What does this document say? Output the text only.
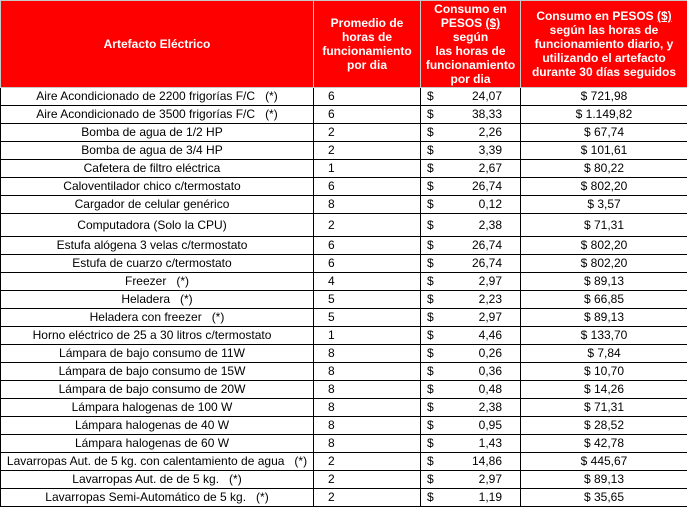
Artefacto Eléctrico	Promedio de
horas de
funcionamiento
por dia	Consumo en
PESOS ($) según
las horas de
funcionamiento
por dia	Consumo en PESOS ($)
según las horas de
funcionamiento diario, y
utilizando el artefacto
durante 30 días seguidos
Aire Acondicionado de 2200 frigorías F/C (*)	6	$ 24,07	$ 721,98
Aire Acondicionado de 3500 frigorías F/C (*)	6	$ 38,33	$ 1.149,82
Bomba de agua de 1/2 HP	2	$ 2,26	$ 67,74
Bomba de agua de 3/4 HP	2	$ 3,39	$ 101,61
Cafetera de filtro eléctrica	1	$ 2,67	$ 80,22
Caloventilador chico c/termostato	6	$ 26,74	$ 802,20
Cargador de celular genérico	8	$ 0,12	$ 3,57
Computadora (Solo la CPU)	2	$ 2,38	$ 71,31
Estufa alógena 3 velas c/termostato	6	$ 26,74	$ 802,20
Estufa de cuarzo c/termostato	6	$ 26,74	$ 802,20
Freezer (*)	4	$ 2,97	$ 89,13
Heladera (*)	5	$ 2,23	$ 66,85
Heladera con freezer (*)	5	$ 2,97	$ 89,13
Horno eléctrico de 25 a 30 litros c/termostato	1	$ 4,46	$ 133,70
Lámpara de bajo consumo de 11W	8	$ 0,26	$ 7,84
Lámpara de bajo consumo de 15W	8	$ 0,36	$ 10,70
Lámpara de bajo consumo de 20W	8	$ 0,48	$ 14,26
Lámpara halogenas de 100 W	8	$ 2,38	$ 71,31
Lámpara halogenas de 40 W	8	$ 0,95	$ 28,52
Lámpara halogenas de 60 W	8	$ 1,43	$ 42,78
Lavarropas Aut. de 5 kg. con calentamiento de agua (*)	2	$ 14,86	$ 445,67
Lavarropas Aut. de de 5 kg. (*)	2	$ 2,97	$ 89,13
Lavarropas Semi-Automático de 5 kg. (*)	2	$ 1,19	$ 35,65
